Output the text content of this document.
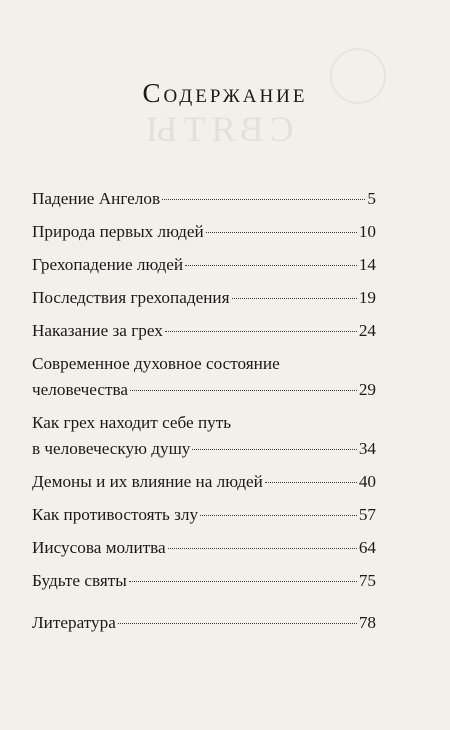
СВЯТЫ
Содержание
Падение Ангелов	5
Природа первых людей	10
Грехопадение людей	14
Последствия грехопадения	19
Наказание за грех	24
Современное духовное состояние
человечества	29
Как грех находит себе путь
в человеческую душу	34
Демоны и их влияние на людей	40
Как противостоять злу	57
Иисусова молитва	64
Будьте святы	75
Литература	78
